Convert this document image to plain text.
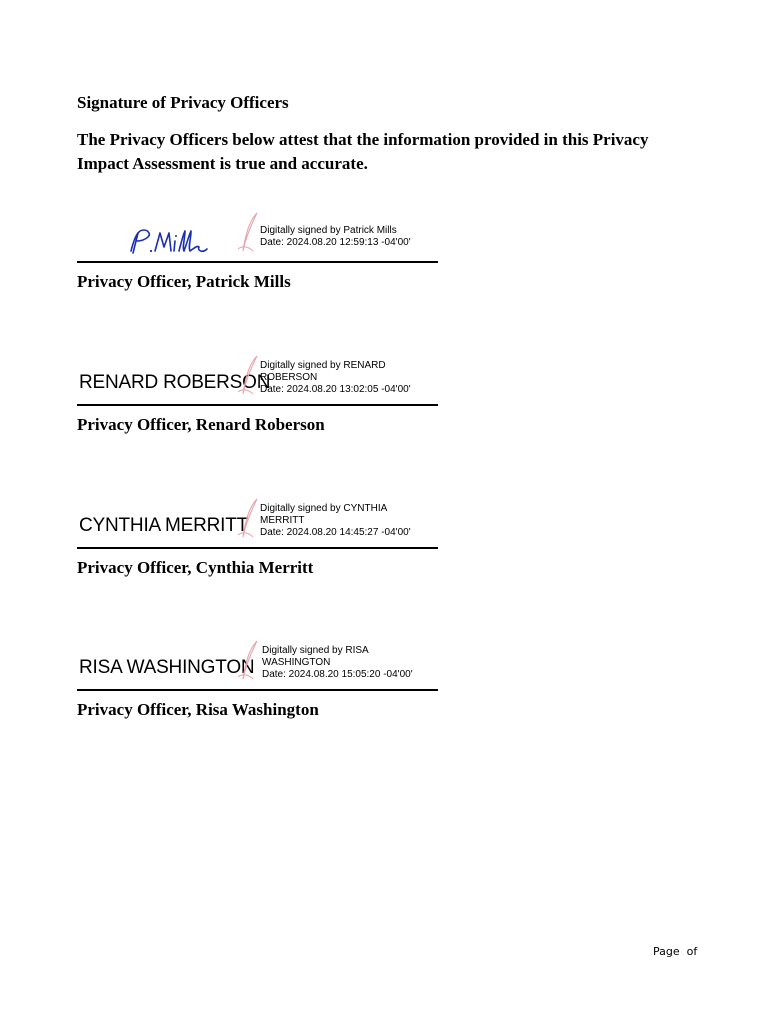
Signature of Privacy Officers
The Privacy Officers below attest that the information provided in this Privacy
Impact Assessment is true and accurate.
Digitally signed by Patrick Mills
Date: 2024.08.20 12:59:13 -04'00'
Privacy Officer, Patrick Mills
RENARD ROBERSON
Digitally signed by RENARD
ROBERSON
Date: 2024.08.20 13:02:05 -04'00'
Privacy Officer, Renard Roberson
CYNTHIA MERRITT
Digitally signed by CYNTHIA
MERRITT
Date: 2024.08.20 14:45:27 -04'00'
Privacy Officer, Cynthia Merritt
RISA WASHINGTON
Digitally signed by RISA
WASHINGTON
Date: 2024.08.20 15:05:20 -04'00'
Privacy Officer, Risa Washington
Page  of
